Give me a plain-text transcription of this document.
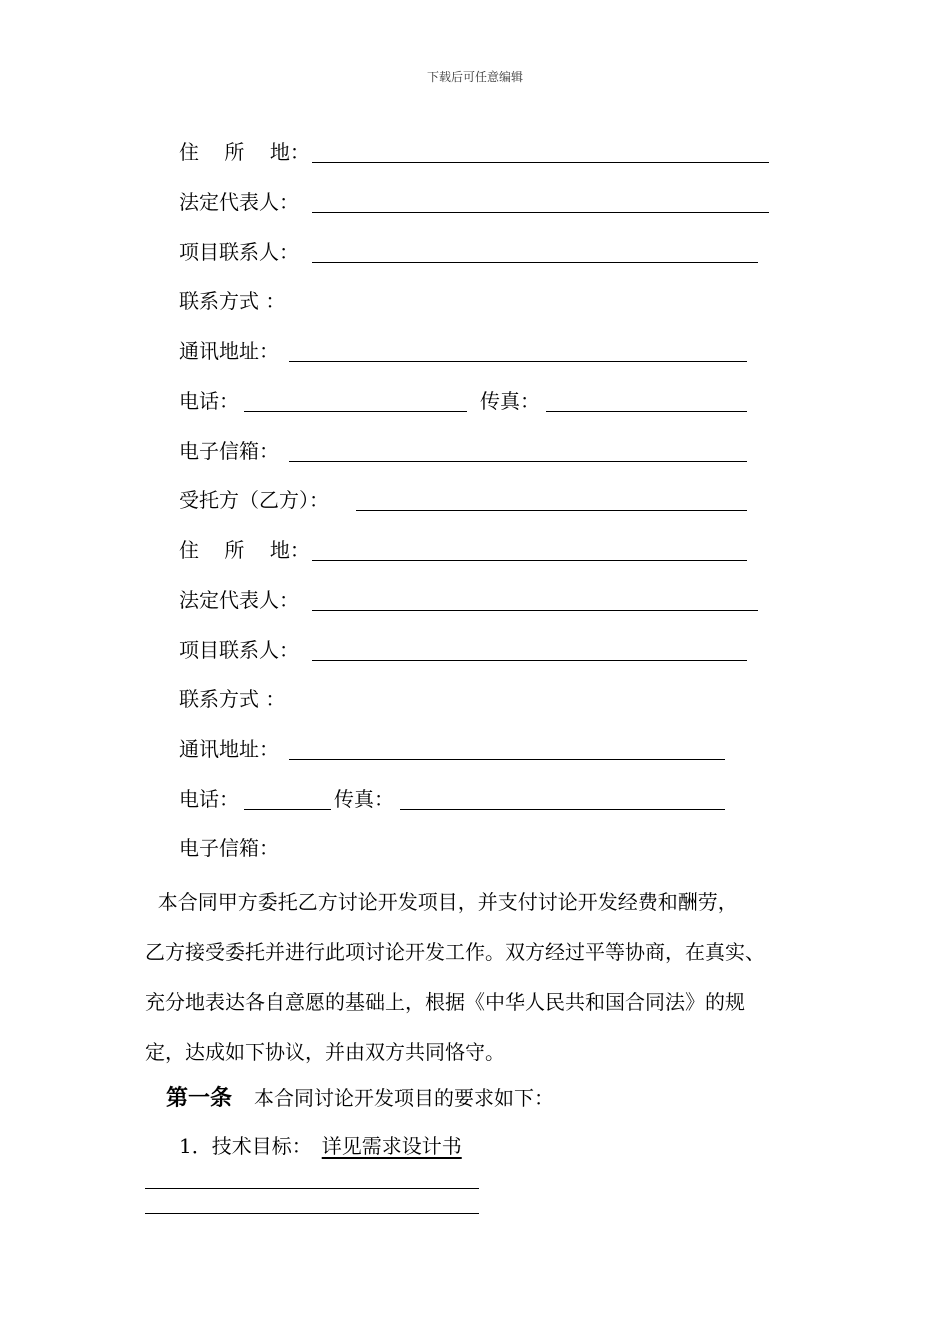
下载后可任意编辑
住    所    地：
法定代表人：
项目联系人：
联系方式 ：
通讯地址：
电话：	传真：
电子信箱：
受托方（乙方）：
住    所    地：
法定代表人：
项目联系人：
联系方式 ：
通讯地址：
电话：	传真：
电子信箱：
本合同甲方委托乙方讨论开发项目，并支付讨论开发经费和酬劳，
乙方接受委托并进行此项讨论开发工作。双方经过平等协商，在真实、
充分地表达各自意愿的基础上，根据《中华人民共和国合同法》的规
定，达成如下协议，并由双方共同恪守。
第一条 本合同讨论开发项目的要求如下：
1．技术目标： 详见需求设计书
